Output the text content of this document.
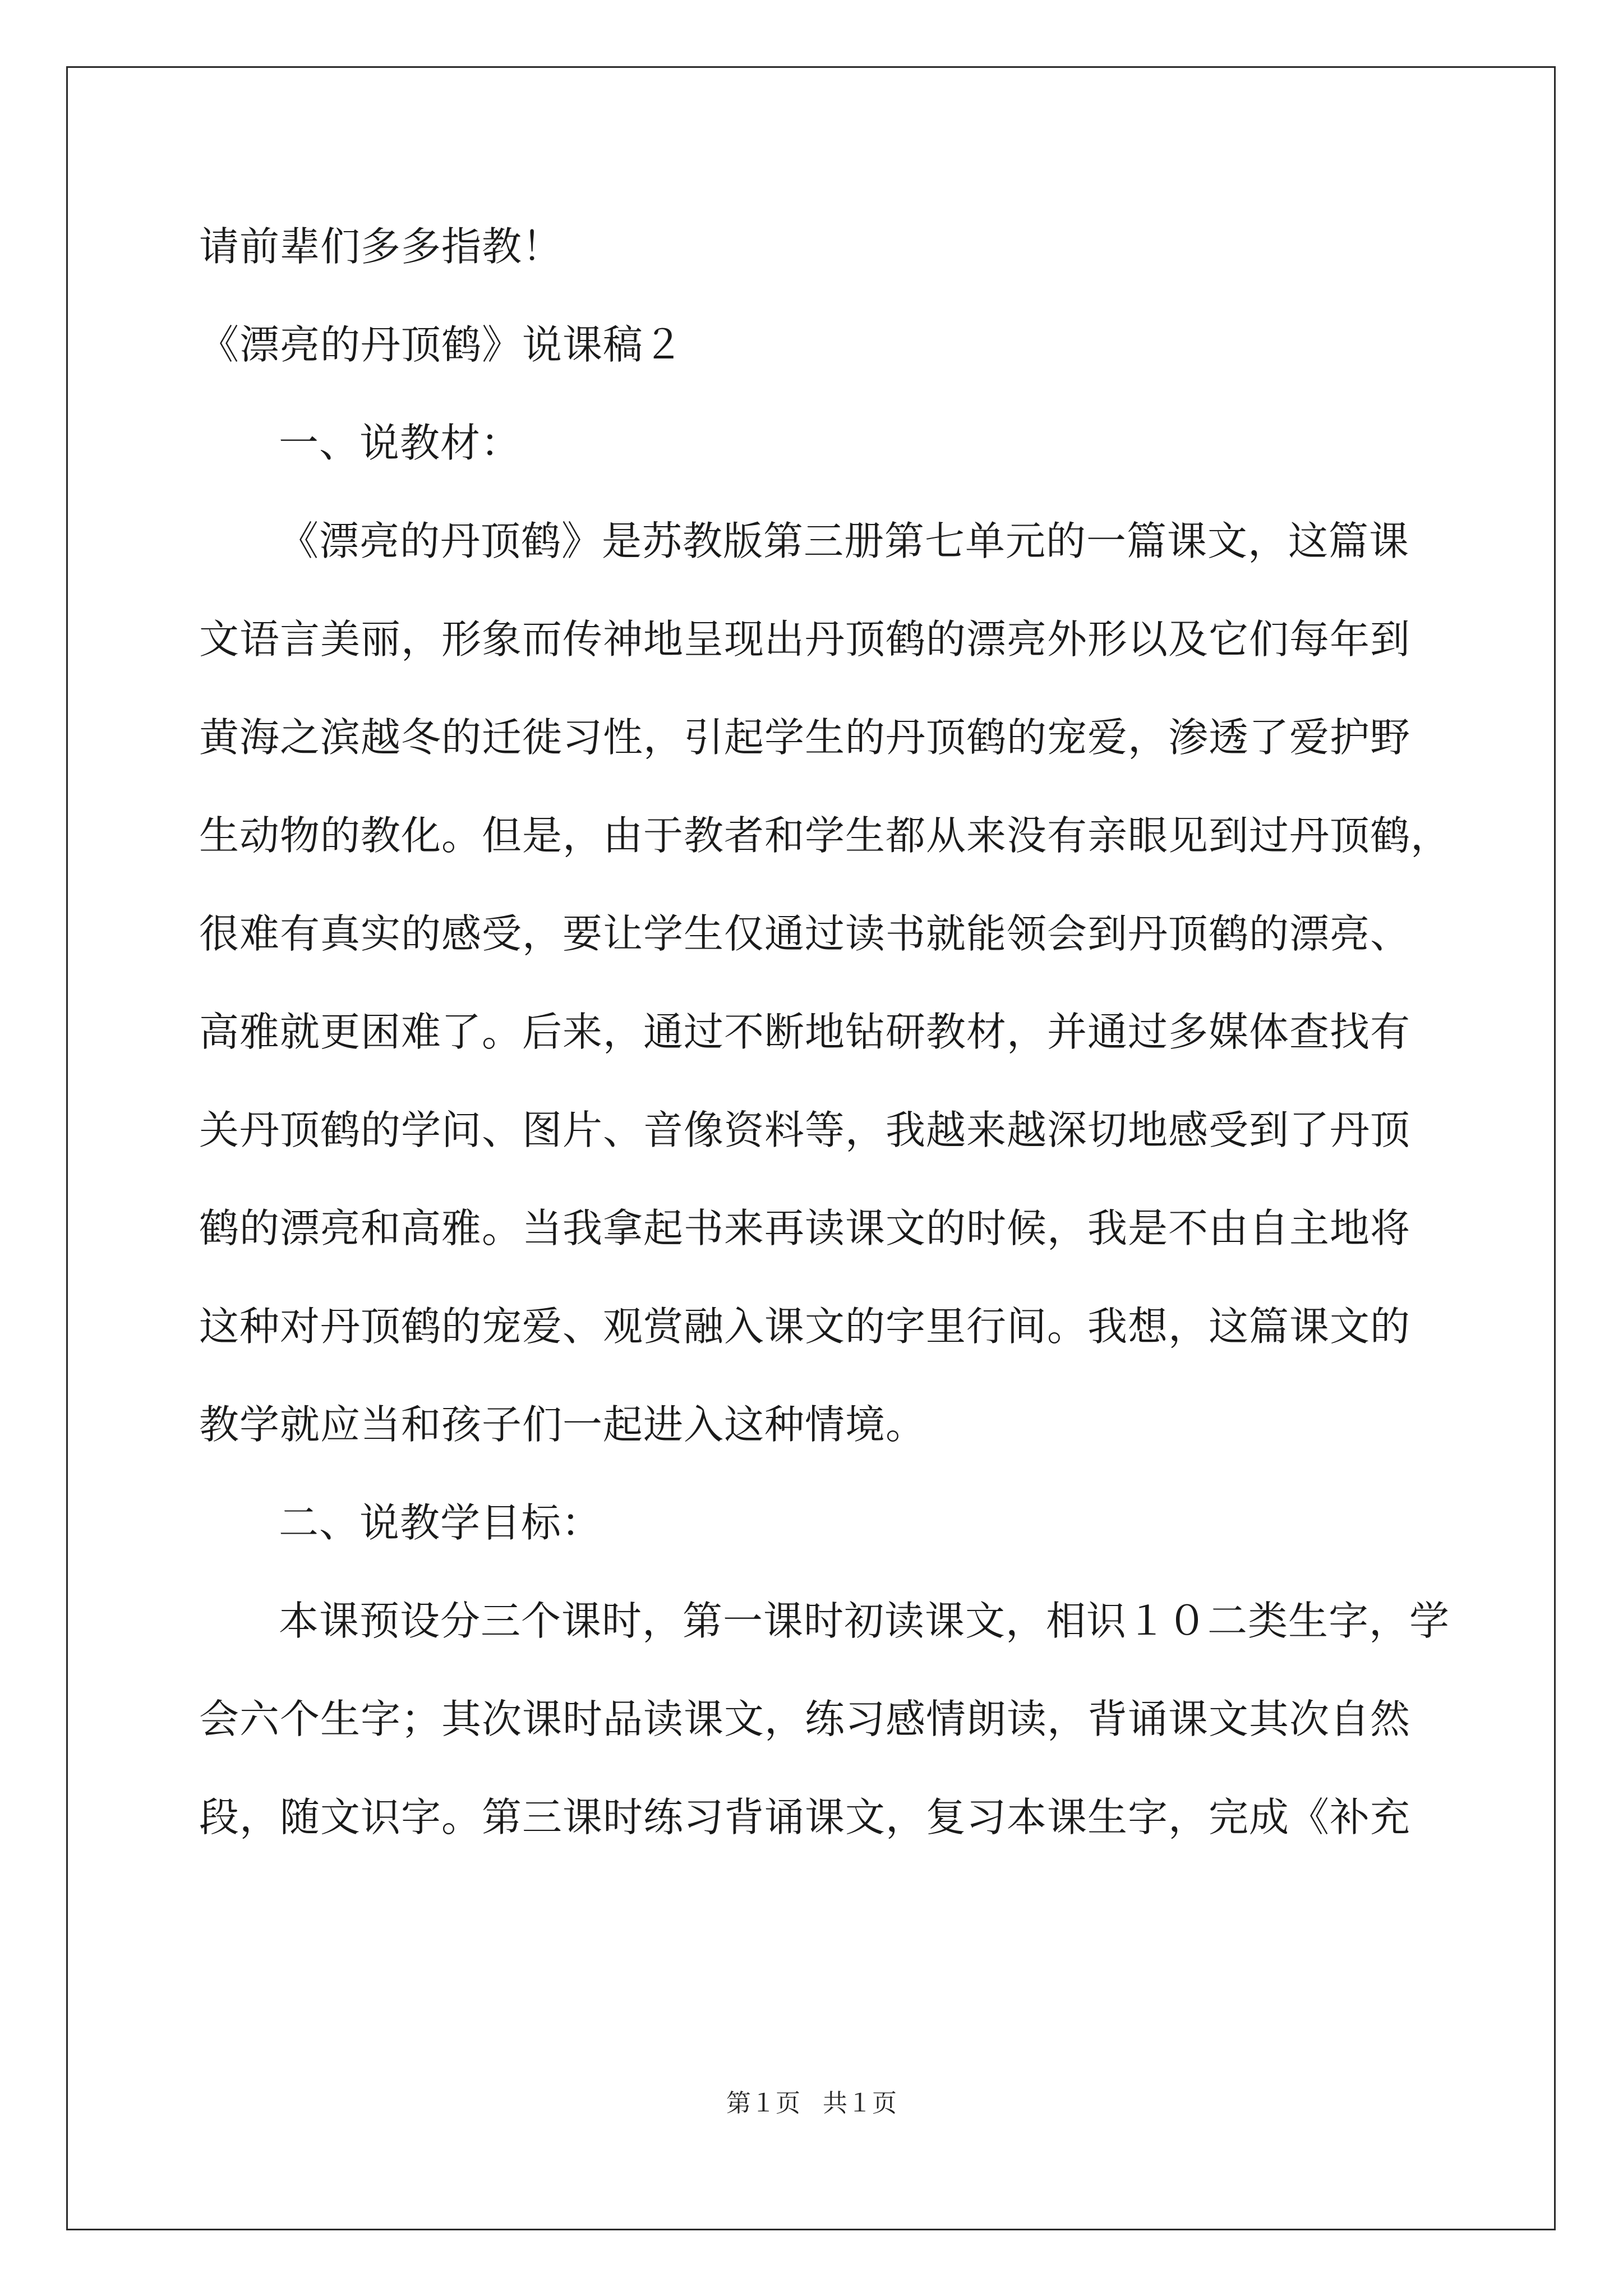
请前辈们多多指教！
《漂亮的丹顶鹤》说课稿２
一、说教材：
《漂亮的丹顶鹤》是苏教版第三册第七单元的一篇课文，这篇课
文语言美丽，形象而传神地呈现出丹顶鹤的漂亮外形以及它们每年到
黄海之滨越冬的迁徙习性，引起学生的丹顶鹤的宠爱，渗透了爱护野
生动物的教化。但是，由于教者和学生都从来没有亲眼见到过丹顶鹤，
很难有真实的感受，要让学生仅通过读书就能领会到丹顶鹤的漂亮、
高雅就更困难了。后来，通过不断地钻研教材，并通过多媒体查找有
关丹顶鹤的学问、图片、音像资料等，我越来越深切地感受到了丹顶
鹤的漂亮和高雅。当我拿起书来再读课文的时候，我是不由自主地将
这种对丹顶鹤的宠爱、观赏融入课文的字里行间。我想，这篇课文的
教学就应当和孩子们一起进入这种情境。
二、说教学目标：
本课预设分三个课时，第一课时初读课文，相识１０二类生字，学
会六个生字；其次课时品读课文，练习感情朗读，背诵课文其次自然
段，随文识字。第三课时练习背诵课文，复习本课生字，完成《补充
第１页 共１页
